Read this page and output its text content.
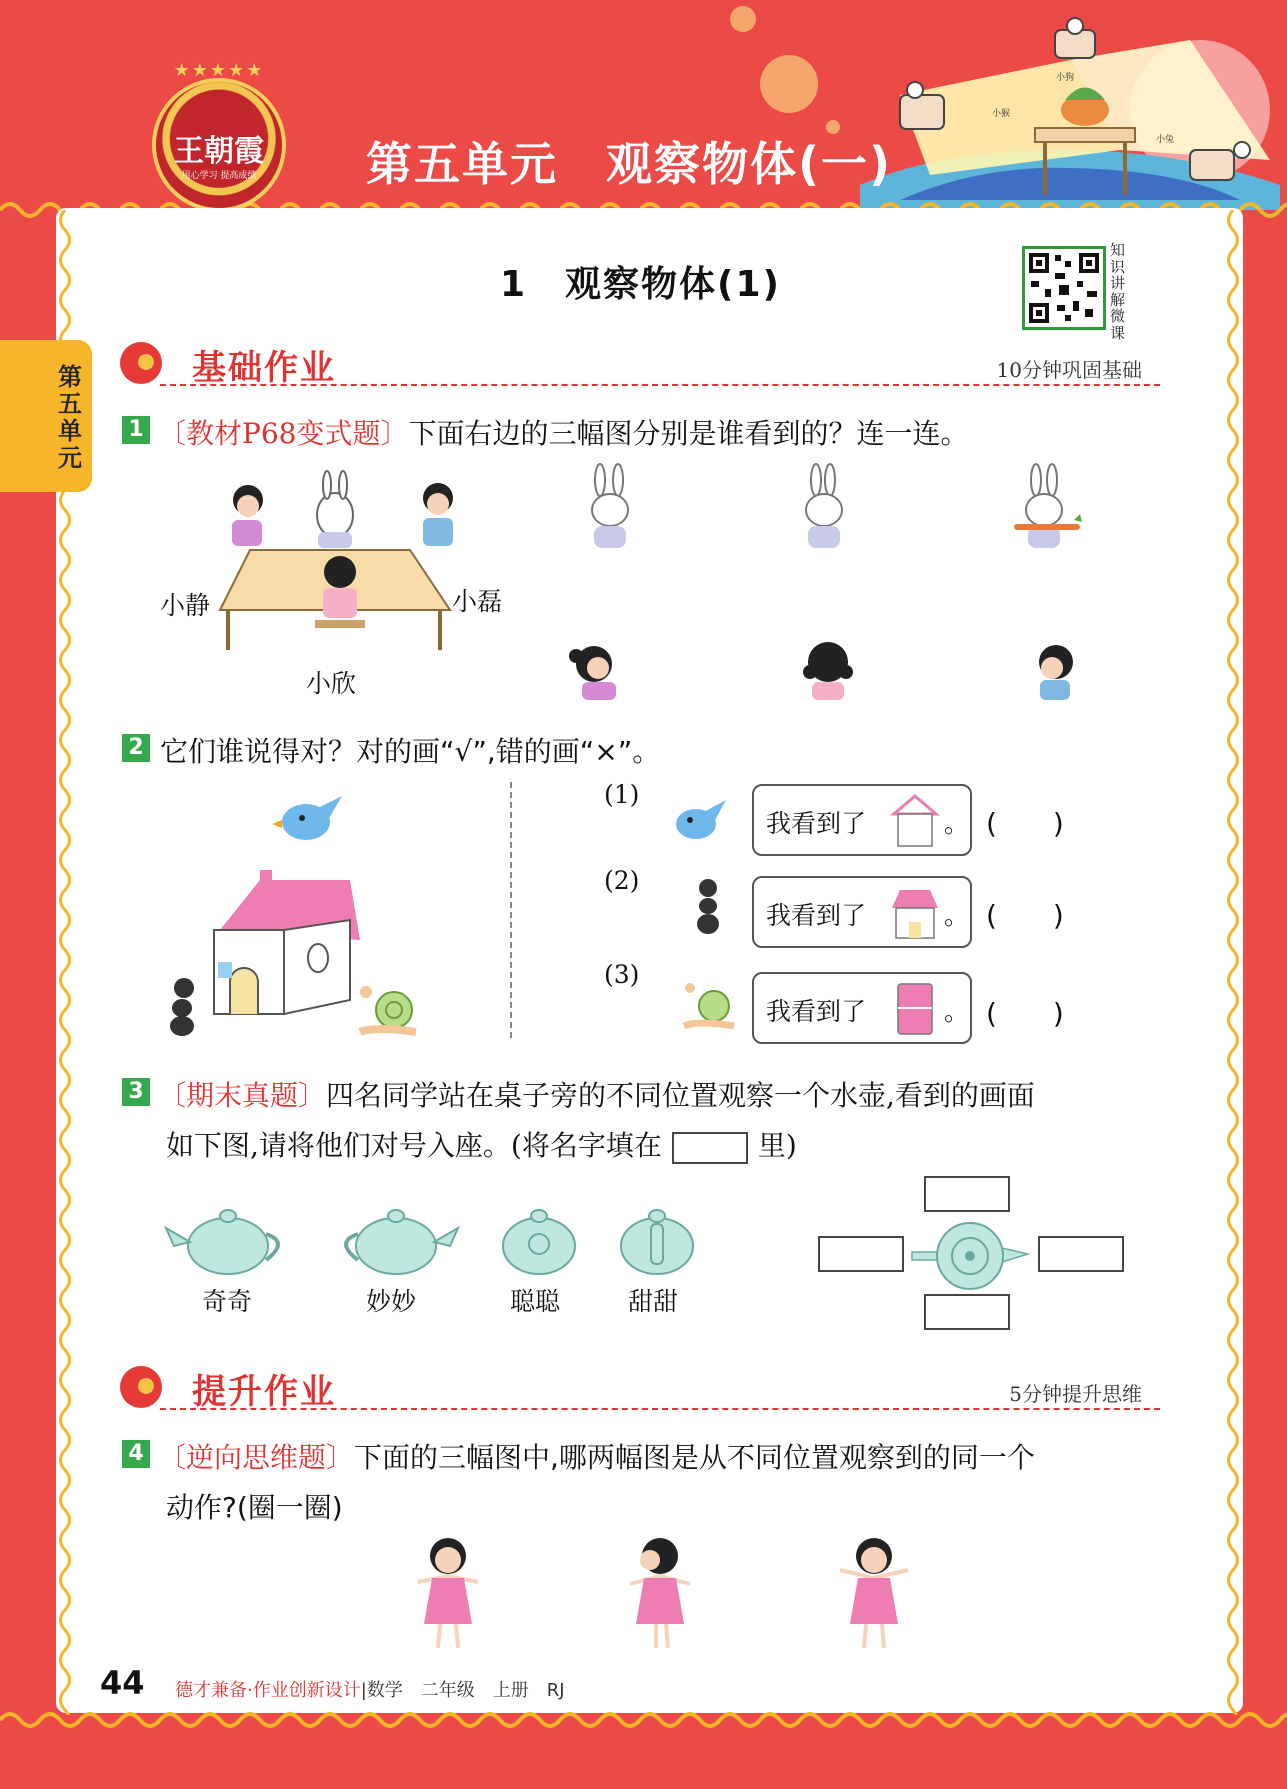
小狗
小猴
小兔
★★★★★
王朝霞
用心学习 提高成绩	第五单元　观察物体(一)
第五单元
1　观察物体(1)
知识讲解微课
基础作业	10分钟巩固基础
1 〔教材P68变式题〕下面右边的三幅图分别是谁看到的？连一连。
小静	小磊
小欣
2 它们谁说得对？对的画“√”,错的画“×”。
(1)
我看到了	。 (　　)
(2)
我看到了	。 (　　)
(3)
我看到了	。 (　　)
3 〔期末真题〕四名同学站在桌子旁的不同位置观察一个水壶,看到的画面
如下图,请将他们对号入座。(将名字填在	里)
奇奇	妙妙	聪聪	甜甜
提升作业	5分钟提升思维
4 〔逆向思维题〕下面的三幅图中,哪两幅图是从不同位置观察到的同一个
动作?(圈一圈)
44 德才兼备·作业创新设计|数学　二年级　上册　RJ
